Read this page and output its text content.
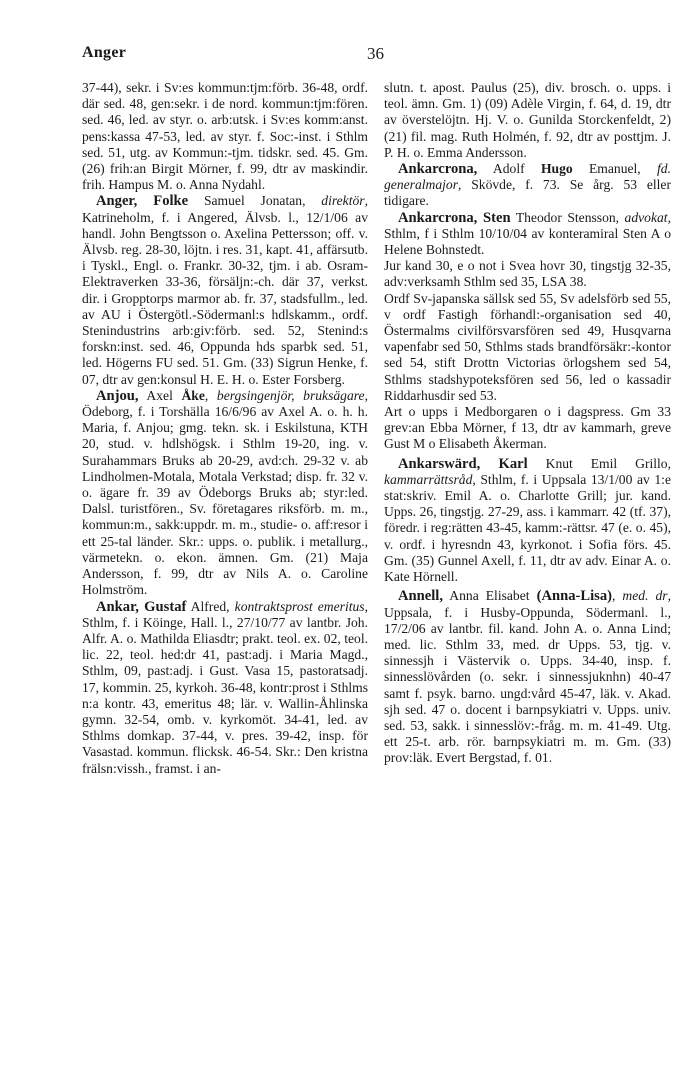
Anger	36

37-44), sekr. i Sv:es kommun:tjm:förb. 36-48, ordf. där sed. 48, gen:sekr. i de nord. kommun:tjm:fören. sed. 46, led. av styr. o. arb:utsk. i Sv:es komm:anst. pens:kassa 47-53, led. av styr. f. Soc:-inst. i Sthlm sed. 51, utg. av Kommun:-tjm. tidskr. sed. 45. Gm. (26) frih:an Birgit Mörner, f. 99, dtr av maskindir. frih. Hampus M. o. Anna Nydahl.

Anger, Folke Samuel Jonatan, direktör, Katrineholm, f. i Angered, Älvsb. l., 12/1/06 av handl. John Bengtsson o. Axelina Pettersson; off. v. Älvsb. reg. 28-30, löjtn. i res. 31, kapt. 41, affärsutb. i Tyskl., Engl. o. Frankr. 30-32, tjm. i ab. Osram-Elektraverken 33-36, försäljn:-ch. där 37, verkst. dir. i Gropptorps marmor ab. fr. 37, stadsfullm., led. av AU i Östergötl.-Södermanl:s hdlskamm., ordf. Stenindustrins arb:giv:förb. sed. 52, Stenind:s forskn:inst. sed. 46, Oppunda hds sparbk sed. 51, led. Högerns FU sed. 51. Gm. (33) Sigrun Henke, f. 07, dtr av gen:konsul H. E. H. o. Ester Forsberg.

Anjou, Axel Åke, bergsingenjör, bruksägare, Ödeborg, f. i Torshälla 16/6/96 av Axel A. o. h. h. Maria, f. Anjou; gmg. tekn. sk. i Eskilstuna, KTH 20, stud. v. hdlshögsk. i Sthlm 19-20, ing. v. Surahammars Bruks ab 20-29, avd:ch. 29-32 v. ab Lindholmen-Motala, Motala Verkstad; disp. fr. 32 v. o. ägare fr. 39 av Ödeborgs Bruks ab; styr:led. Dalsl. turistfören., Sv. företagares riksförb. m. m., kommun:m., sakk:uppdr. m. m., studie- o. aff:resor i ett 25-tal länder. Skr.: upps. o. publik. i metallurg., värmetekn. o. ekon. ämnen. Gm. (21) Maja Andersson, f. 99, dtr av Nils A. o. Caroline Holmström.

Ankar, Gustaf Alfred, kontraktsprost emeritus, Sthlm, f. i Köinge, Hall. l., 27/10/77 av lantbr. Joh. Alfr. A. o. Mathilda Eliasdtr; prakt. teol. ex. 02, teol. lic. 22, teol. hed:dr 41, past:adj. i Maria Magd., Sthlm, 09, past:adj. i Gust. Vasa 15, pastoratsadj. 17, kommin. 25, kyrkoh. 36-48, kontr:prost i Sthlms n:a kontr. 43, emeritus 48; lär. v. Wallin-Åhlinska gymn. 32-54, omb. v. kyrkomöt. 34-41, led. av Sthlms domkap. 37-44, v. pres. 39-42, insp. för Vasastad. kommun. flicksk. 46-54. Skr.: Den kristna frälsn:vissh., framst. i an-

slutn. t. apost. Paulus (25), div. brosch. o. upps. i teol. ämn. Gm. 1) (09) Adèle Virgin, f. 64, d. 19, dtr av överstelöjtn. Hj. V. o. Gunilda Storckenfeldt, 2) (21) fil. mag. Ruth Holmén, f. 92, dtr av posttjm. J. P. H. o. Emma Andersson.

Ankarcrona, Adolf Hugo Emanuel, fd. generalmajor, Skövde, f. 73. Se årg. 53 eller tidigare.

Ankarcrona, Sten Theodor Stensson, advokat, Sthlm, f i Sthlm 10/10/04 av konteramiral Sten A o Helene Bohnstedt.

Jur kand 30, e o not i Svea hovr 30, tingstjg 32-35, adv:verksamh Sthlm sed 35, LSA 38.

Ordf Sv-japanska sällsk sed 55, Sv adelsförb sed 55, v ordf Fastigh förhandl:-organisation sed 40, Östermalms civilförsvarsfören sed 49, Husqvarna vapenfabr sed 50, Sthlms stads brandförsäkr:-kontor sed 54, stift Drottn Victorias örlogshem sed 54, Sthlms stadshypoteksfören sed 56, led o kassadir Riddarhusdir sed 53.

Art o upps i Medborgaren o i dagspress. Gm 33 grev:an Ebba Mörner, f 13, dtr av kammarh, greve Gust M o Elisabeth Åkerman.

Ankarswärd, Karl Knut Emil Grillo, kammarrättsråd, Sthlm, f. i Uppsala 13/1/00 av 1:e stat:skriv. Emil A. o. Charlotte Grill; jur. kand. Upps. 26, tingstjg. 27-29, ass. i kammarr. 42 (tf. 37), föredr. i reg:rätten 43-45, kamm:-rättsr. 47 (e. o. 45), v. ordf. i hyresndn 43, kyrkonot. i Sofia förs. 45. Gm. (35) Gunnel Axell, f. 11, dtr av adv. Einar A. o. Kate Hörnell.

Annell, Anna Elisabet (Anna-Lisa), med. dr, Uppsala, f. i Husby-Oppunda, Södermanl. l., 17/2/06 av lantbr. fil. kand. John A. o. Anna Lind; med. lic. Sthlm 33, med. dr Upps. 53, tjg. v. sinnessjh i Västervik o. Upps. 34-40, insp. f. sinnesslövården (o. sekr. i sinnessjuknhn) 40-47 samt f. psyk. barno. ungd:vård 45-47, läk. v. Akad. sjh sed. 47 o. docent i barnpsykiatri v. Upps. univ. sed. 53, sakk. i sinnesslöv:-fråg. m. m. 41-49. Utg. ett 25-t. arb. rör. barnpsykiatri m. m. Gm. (33) prov:läk. Evert Bergstad, f. 01.
